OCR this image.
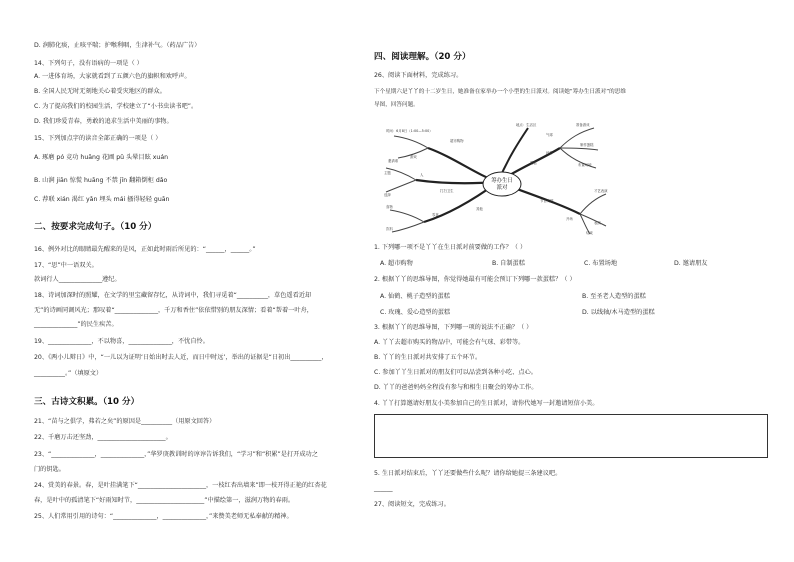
D. 润肺化痰，止咳平喘；护喉利咽，生津补气。（药品广告）
14、下列句子，没有语病的一项是（ ）
A. 一进体育场，大家就看到了五颜六色的旗帜和欢呼声。
B. 全国人民无时无刻地关心着受灾地区的群众。
C. 为了提高我们的校园生活，学校建立了“小书虫读书吧”。
D. 我们珍爱青春，勇敢的追求生活中美丽的事物。
15、下列加点字的读音全部正确的一项是（ ）
A. 琢磨 pó 竞功 huāng 花圃 pǔ 头晕目眩 xuán
B. 山涧 jiān 惊慌 huāng 不禁 jīn 翻箱倒柜 dǎo
C. 荐联 xián 渴红 yǎn 埋头 mái 搔得轻轻 guān
二、按要求完成句子。（10 分）
16、例外对比的眼睛最先醒来的是风，正如此时雨后所见的：“______，______。”
17、“思”中一语双关。
款词行人______________遵纪。
18、诗词加深时的照耀，在文学的里宝藏留存忆，从诗词中，我们寻觅着“__________，草色遥看近却
无”的诗画同调风光；那叹着“______________，千万和香住”依依惜别的朋友深情；看着“帮着一叶舟，
______________”的民生疾苦。
19、______________，不以物喜，______________，不忧自怜。
20、《两小儿辩日》中，“一儿以为证明‘日始出时去人近，而日中时远’，举出的证据是“日初出__________，
__________。”（填原文）
三、古诗文积累。（10 分）
21、“苗与之俱学，弗若之矣”的原因是__________（用原文回答）
22、千磨万击还坚劲，______________________。
23、“______________，______________，”华罗庚教训时的谆谆告诉我们，“学习”和“积累”是打开成功之
门的钥匙。
24、赏美的春景。春，是叶挂满笔下“______________________，一枝红杏出墙来”即一枝开得正艳的红杏花
春，是叶中的孤清笔下“好雨知时节，______________________”中描绘第一，滋润万物的春雨。
25、人们常用引用的诗句：“______________，______________，”来赞美老师无私奉献的精神。
四、阅读理解。（20 分）
26、阅读下面材料，完成练习。
下个星期六是丫丫的十二岁生日，她准备在家举办一个小型的生日派对。阅读她“筹办生日派对”的思维
导图，回答问题。
筹办生日
派对
时间：6月8日（1:00—5:00）
地点：生活区
邀请谁
超市购物
打扫卫生
准备游戏
制作蛋糕
布置场地
蛋糕
节目安排
其他
主题
选择
游戏
才艺表演
人
食物
饮料
气球
丝带
零食
开场
表演
结束
1. 下列哪一项不是丫丫在生日派对前要做的工作？（ ）
A. 超市购物	B. 自制蛋糕	C. 布置场地	D. 邀请朋友
2. 根据丫丫的思维导图，你觉得她最有可能会预订下列哪一款蛋糕？（ ）
A. 仙鹤、桃子造型的蛋糕	B. 至圣老人造型的蛋糕
C. 玫瑰、爱心造型的蛋糕	D. 以线轴/木马造型的蛋糕
3. 根据丫丫的思维导图，下列哪一项的说法不正确？（ ）
A. 丫丫去超市购买的物品中，可能会有气球、彩带等。
B. 丫丫的生日派对共安排了五个环节。
C. 参加丫丫生日派对的朋友们可以品尝到各种小吃、点心。
D. 丫丫的爸爸妈妈全程没有参与和相生日聚会的筹办工作。
4. 丫丫打算邀请好朋友小美参加自己的生日派对，请你代她写一封邀请短信小美。
5. 生日派对结束后，丫丫还要做些什么呢？请你给她提三条建议吧。
______
27、阅读短文，完成练习。
